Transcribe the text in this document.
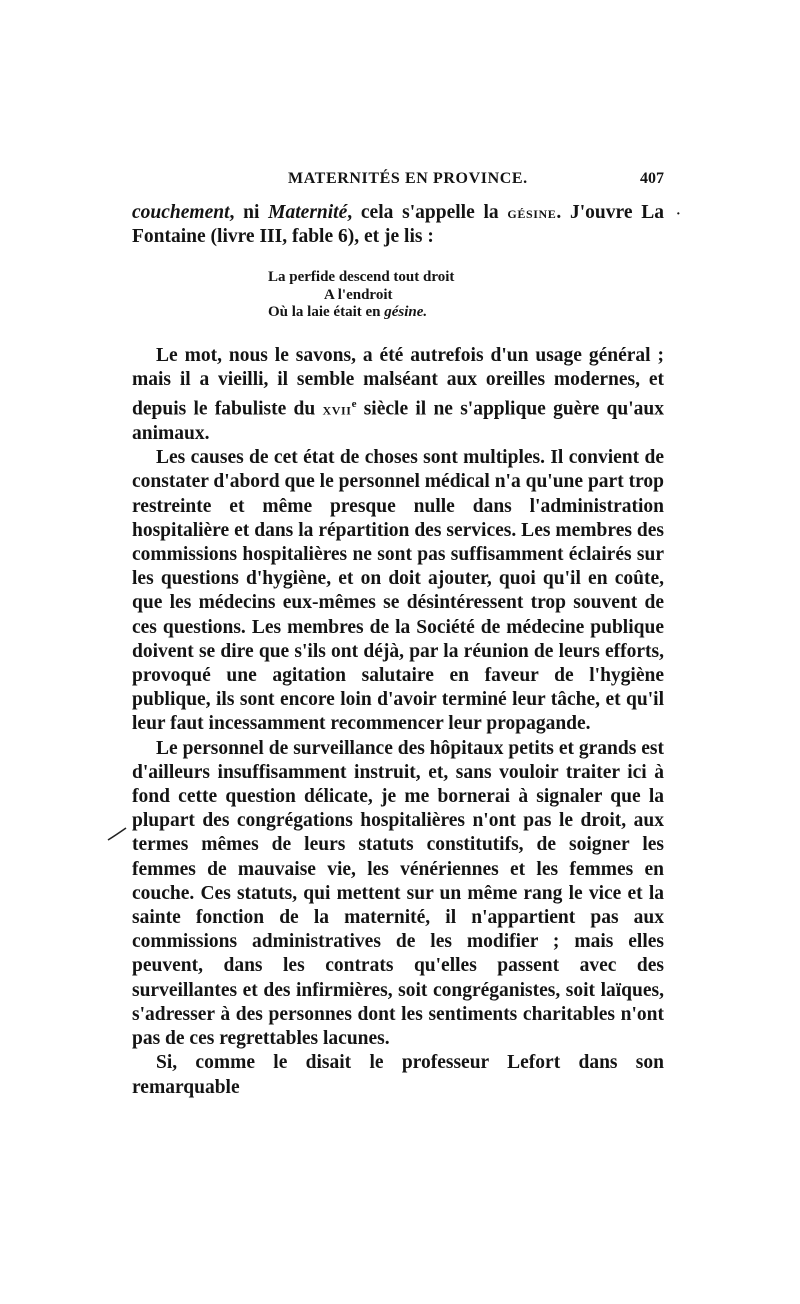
MATERNITÉS EN PROVINCE.	407
·

couchement, ni Maternité, cela s'appelle la gésine. J'ouvre La Fontaine (livre III, fable 6), et je lis :

La perfide descend tout droit
A l'endroit
Où la laie était en gésine.

Le mot, nous le savons, a été autrefois d'un usage général ; mais il a vieilli, il semble malséant aux oreilles modernes, et depuis le fabuliste du xvii$^e$ siècle il ne s'applique guère qu'aux animaux.

Les causes de cet état de choses sont multiples. Il convient de constater d'abord que le personnel médical n'a qu'une part trop restreinte et même presque nulle dans l'administration hospitalière et dans la répartition des services. Les membres des commissions hospitalières ne sont pas suffisamment éclairés sur les questions d'hygiène, et on doit ajouter, quoi qu'il en coûte, que les médecins eux-mêmes se désintéressent trop souvent de ces questions. Les membres de la Société de médecine publique doivent se dire que s'ils ont déjà, par la réunion de leurs efforts, provoqué une agitation salutaire en faveur de l'hygiène publique, ils sont encore loin d'avoir terminé leur tâche, et qu'il leur faut incessamment recommencer leur propagande.

Le personnel de surveillance des hôpitaux petits et grands est d'ailleurs insuffisamment instruit, et, sans vouloir traiter ici à fond cette question délicate, je me bornerai à signaler que la plupart des congrégations hospitalières n'ont pas le droit, aux termes mêmes de leurs statuts constitutifs, de soigner les femmes de mauvaise vie, les vénériennes et les femmes en couche. Ces statuts, qui mettent sur un même rang le vice et la sainte fonction de la maternité, il n'appartient pas aux commissions administratives de les modifier ; mais elles peuvent, dans les contrats qu'elles passent avec des surveillantes et des infirmières, soit congréganistes, soit laïques, s'adresser à des personnes dont les sentiments charitables n'ont pas de ces regrettables lacunes.

Si, comme le disait le professeur Lefort dans son remarquable
